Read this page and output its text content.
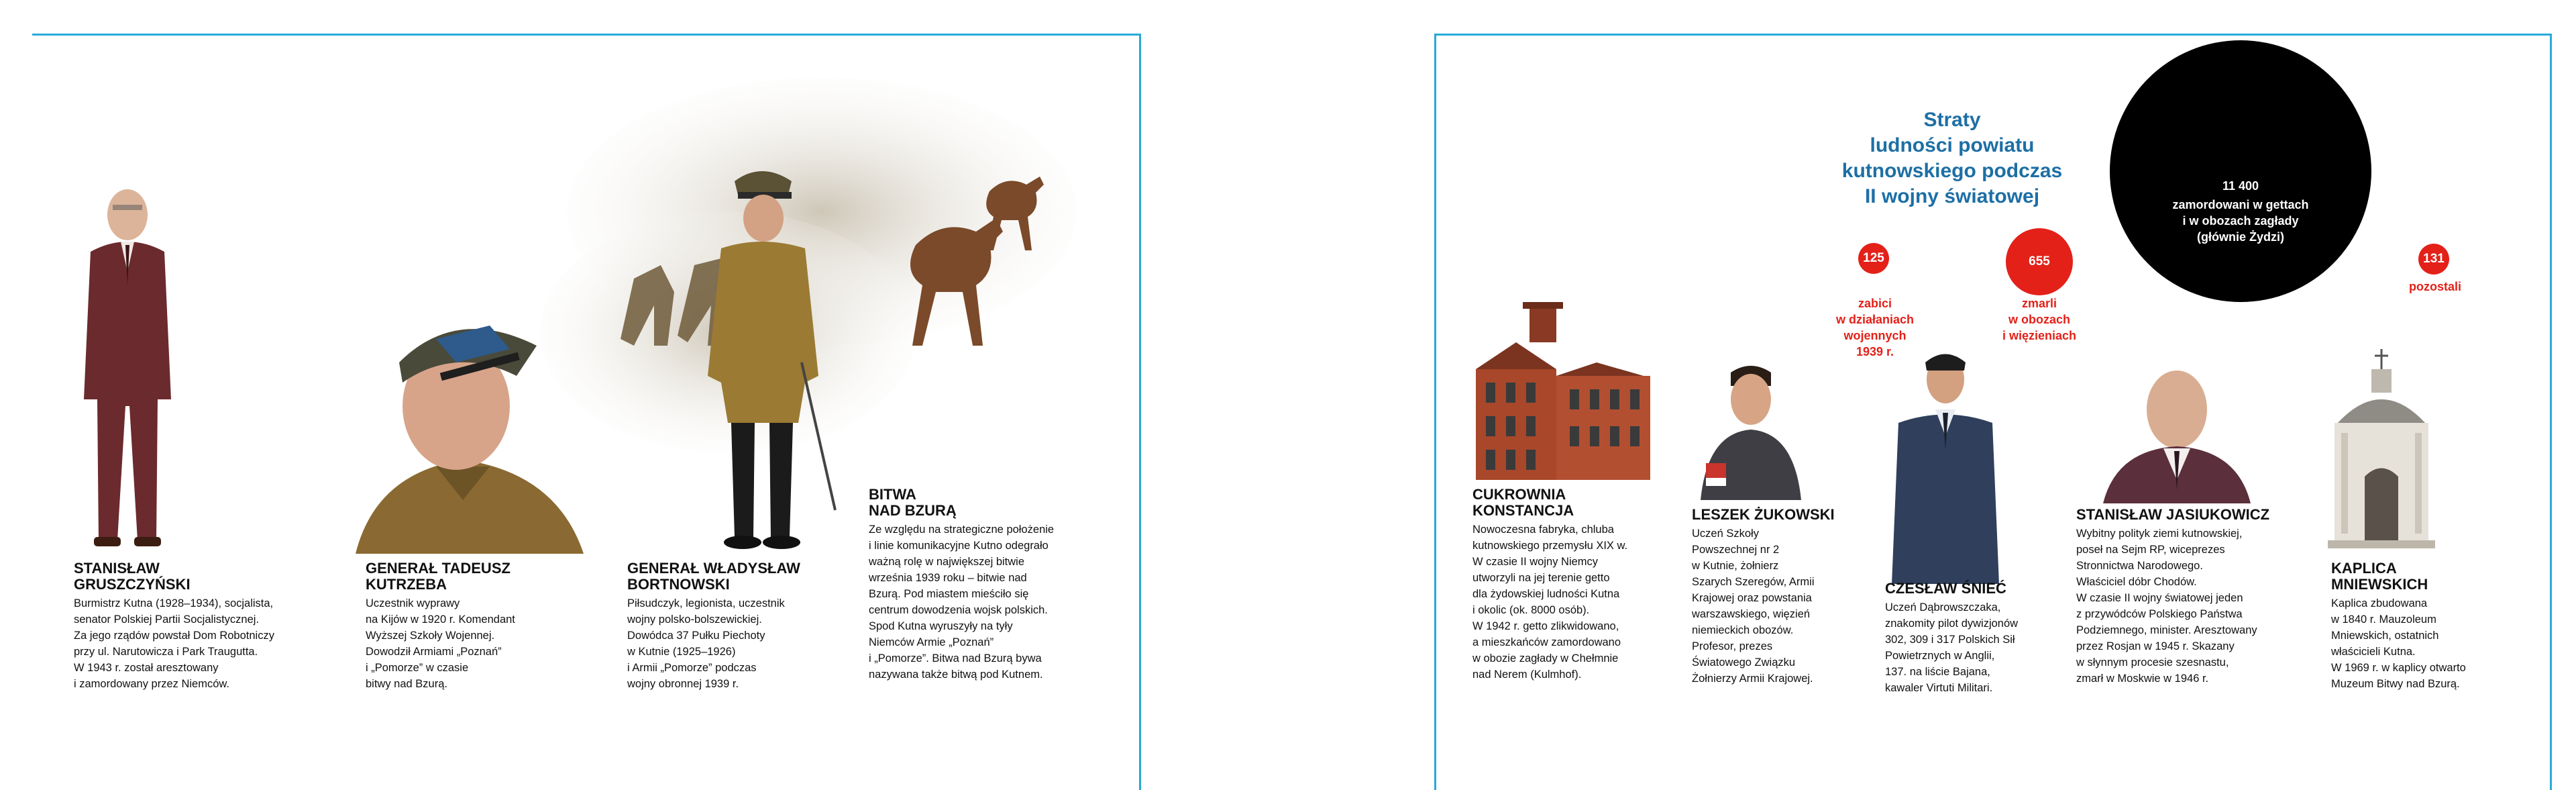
STANISŁAW
GRUSZCZYŃSKI
Burmistrz Kutna (1928–1934), socjalista,
senator Polskiej Partii Socjalistycznej.
Za jego rządów powstał Dom Robotniczy
przy ul. Narutowicza i Park Traugutta.
W 1943 r. został aresztowany
i zamordowany przez Niemców.
GENERAŁ TADEUSZ
KUTRZEBA
Uczestnik wyprawy
na Kijów w 1920 r. Komendant
Wyższej Szkoły Wojennej.
Dowodził Armiami „Poznań”
i „Pomorze” w czasie
bitwy nad Bzurą.
GENERAŁ WŁADYSŁAW
BORTNOWSKI
Piłsudczyk, legionista, uczestnik
wojny polsko-bolszewickiej.
Dowódca 37 Pułku Piechoty
w Kutnie (1925–1926)
i Armii „Pomorze” podczas
wojny obronnej 1939 r.
BITWA
NAD BZURĄ
Ze względu na strategiczne położenie
i linie komunikacyjne Kutno odegrało
ważną rolę w największej bitwie
września 1939 roku – bitwie nad
Bzurą. Pod miastem mieściło się
centrum dowodzenia wojsk polskich.
Spod Kutna wyruszyły na tyły
Niemców Armie „Poznań”
i „Pomorze”. Bitwa nad Bzurą bywa
nazywana także bitwą pod Kutnem.
Straty
ludności powiatu
kutnowskiego podczas
II wojny światowej
125
zabici
w działaniach
wojennych
1939 r.
655
zmarli
w obozach
i więzieniach
11 400
zamordowani w gettach
i w obozach zagłady
(głównie Żydzi)
131
pozostali
CUKROWNIA
KONSTANCJA
Nowoczesna fabryka, chluba
kutnowskiego przemysłu XIX w.
W czasie II wojny Niemcy
utworzyli na jej terenie getto
dla żydowskiej ludności Kutna
i okolic (ok. 8000 osób).
W 1942 r. getto zlikwidowano,
a mieszkańców zamordowano
w obozie zagłady w Chełmnie
nad Nerem (Kulmhof).
LESZEK ŻUKOWSKI
Uczeń Szkoły
Powszechnej nr 2
w Kutnie, żołnierz
Szarych Szeregów, Armii
Krajowej oraz powstania
warszawskiego, więzień
niemieckich obozów.
Profesor, prezes
Światowego Związku
Żołnierzy Armii Krajowej.
CZESŁAW ŚNIEĆ
Uczeń Dąbrowszczaka,
znakomity pilot dywizjonów
302, 309 i 317 Polskich Sił
Powietrznych w Anglii,
137. na liście Bajana,
kawaler Virtuti Militari.
STANISŁAW JASIUKOWICZ
Wybitny polityk ziemi kutnowskiej,
poseł na Sejm RP, wiceprezes
Stronnictwa Narodowego.
Właściciel dóbr Chodów.
W czasie II wojny światowej jeden
z przywódców Polskiego Państwa
Podziemnego, minister. Aresztowany
przez Rosjan w 1945 r. Skazany
w słynnym procesie szesnastu,
zmarł w Moskwie w 1946 r.
KAPLICA
MNIEWSKICH
Kaplica zbudowana
w 1840 r. Mauzoleum
Mniewskich, ostatnich
właścicieli Kutna.
W 1969 r. w kaplicy otwarto
Muzeum Bitwy nad Bzurą.
